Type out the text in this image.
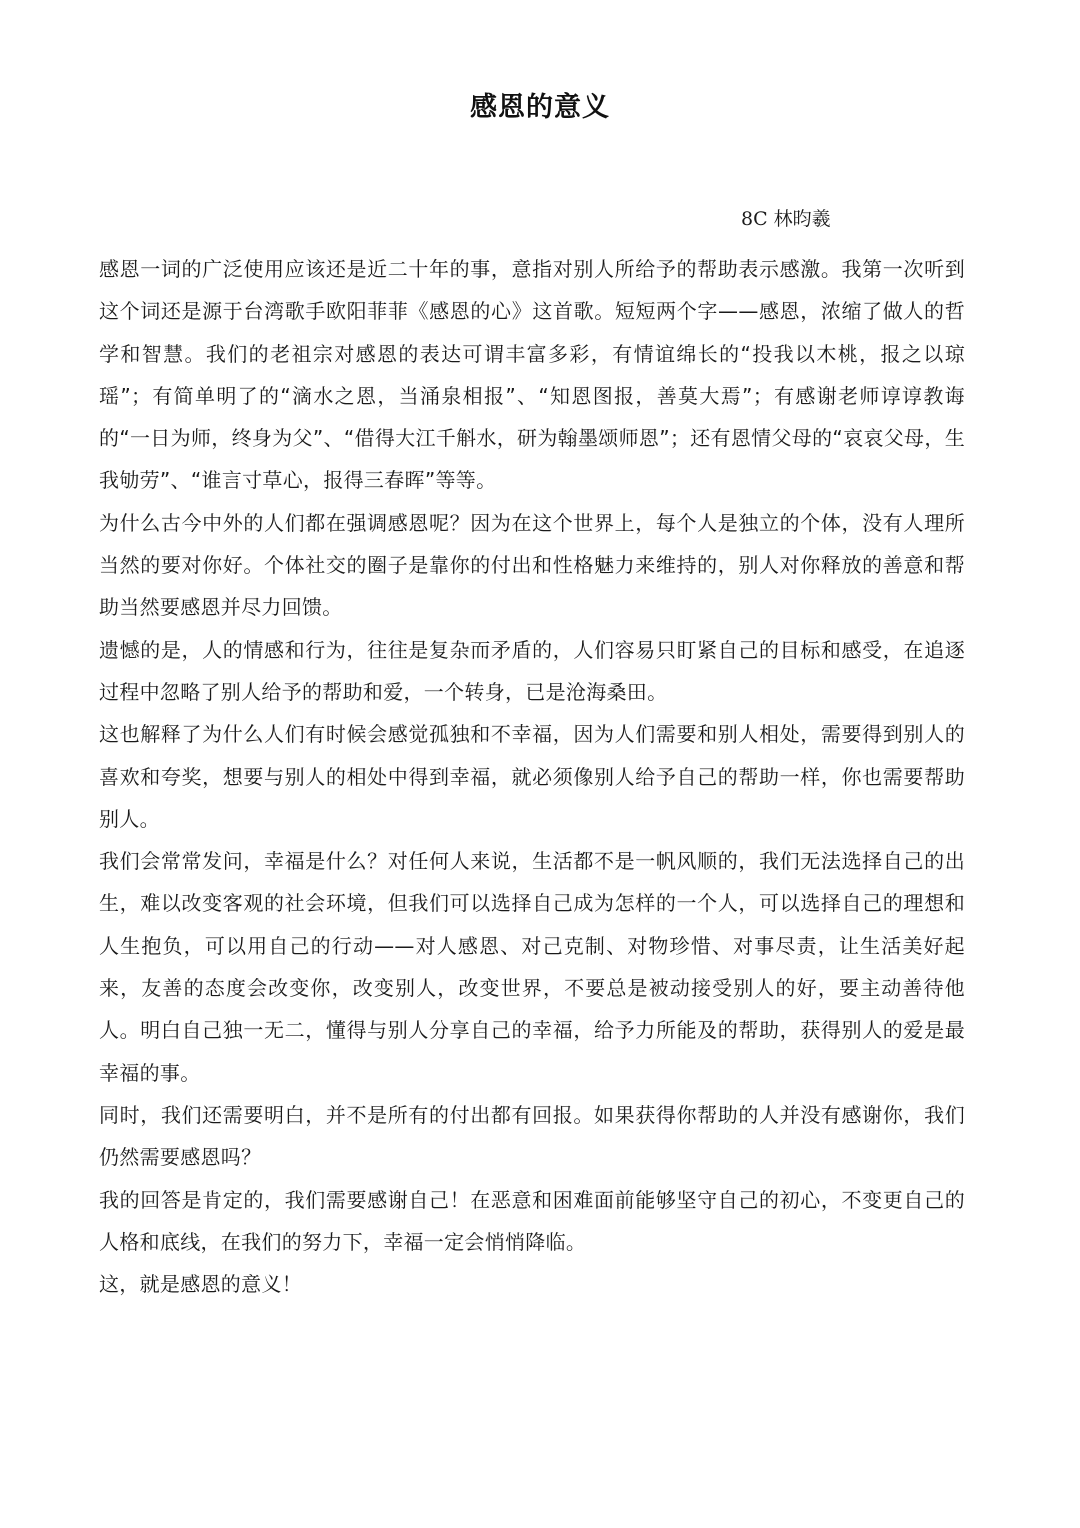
感恩的意义

8C 林昀羲

感恩一词的广泛使用应该还是近二十年的事，意指对别人所给予的帮助表示感激。我第一次听到这个词还是源于台湾歌手欧阳菲菲《感恩的心》这首歌。短短两个字——感恩，浓缩了做人的哲学和智慧。我们的老祖宗对感恩的表达可谓丰富多彩，有情谊绵长的“投我以木桃，报之以琼瑶”；有简单明了的“滴水之恩，当涌泉相报”、“知恩图报，善莫大焉”；有感谢老师谆谆教诲的“一日为师，终身为父”、“借得大江千斛水，研为翰墨颂师恩”；还有恩情父母的“哀哀父母，生我劬劳”、“谁言寸草心，报得三春晖”等等。

为什么古今中外的人们都在强调感恩呢？因为在这个世界上，每个人是独立的个体，没有人理所当然的要对你好。个体社交的圈子是靠你的付出和性格魅力来维持的，别人对你释放的善意和帮助当然要感恩并尽力回馈。

遗憾的是，人的情感和行为，往往是复杂而矛盾的，人们容易只盯紧自己的目标和感受，在追逐过程中忽略了别人给予的帮助和爱，一个转身，已是沧海桑田。

这也解释了为什么人们有时候会感觉孤独和不幸福，因为人们需要和别人相处，需要得到别人的喜欢和夸奖，想要与别人的相处中得到幸福，就必须像别人给予自己的帮助一样，你也需要帮助别人。

我们会常常发问，幸福是什么？对任何人来说，生活都不是一帆风顺的，我们无法选择自己的出生，难以改变客观的社会环境，但我们可以选择自己成为怎样的一个人，可以选择自己的理想和人生抱负，可以用自己的行动——对人感恩、对己克制、对物珍惜、对事尽责，让生活美好起来，友善的态度会改变你，改变别人，改变世界，不要总是被动接受别人的好，要主动善待他人。明白自己独一无二，懂得与别人分享自己的幸福，给予力所能及的帮助，获得别人的爱是最幸福的事。

同时，我们还需要明白，并不是所有的付出都有回报。如果获得你帮助的人并没有感谢你，我们仍然需要感恩吗？

我的回答是肯定的，我们需要感谢自己！在恶意和困难面前能够坚守自己的初心，不变更自己的人格和底线，在我们的努力下，幸福一定会悄悄降临。

这，就是感恩的意义！
